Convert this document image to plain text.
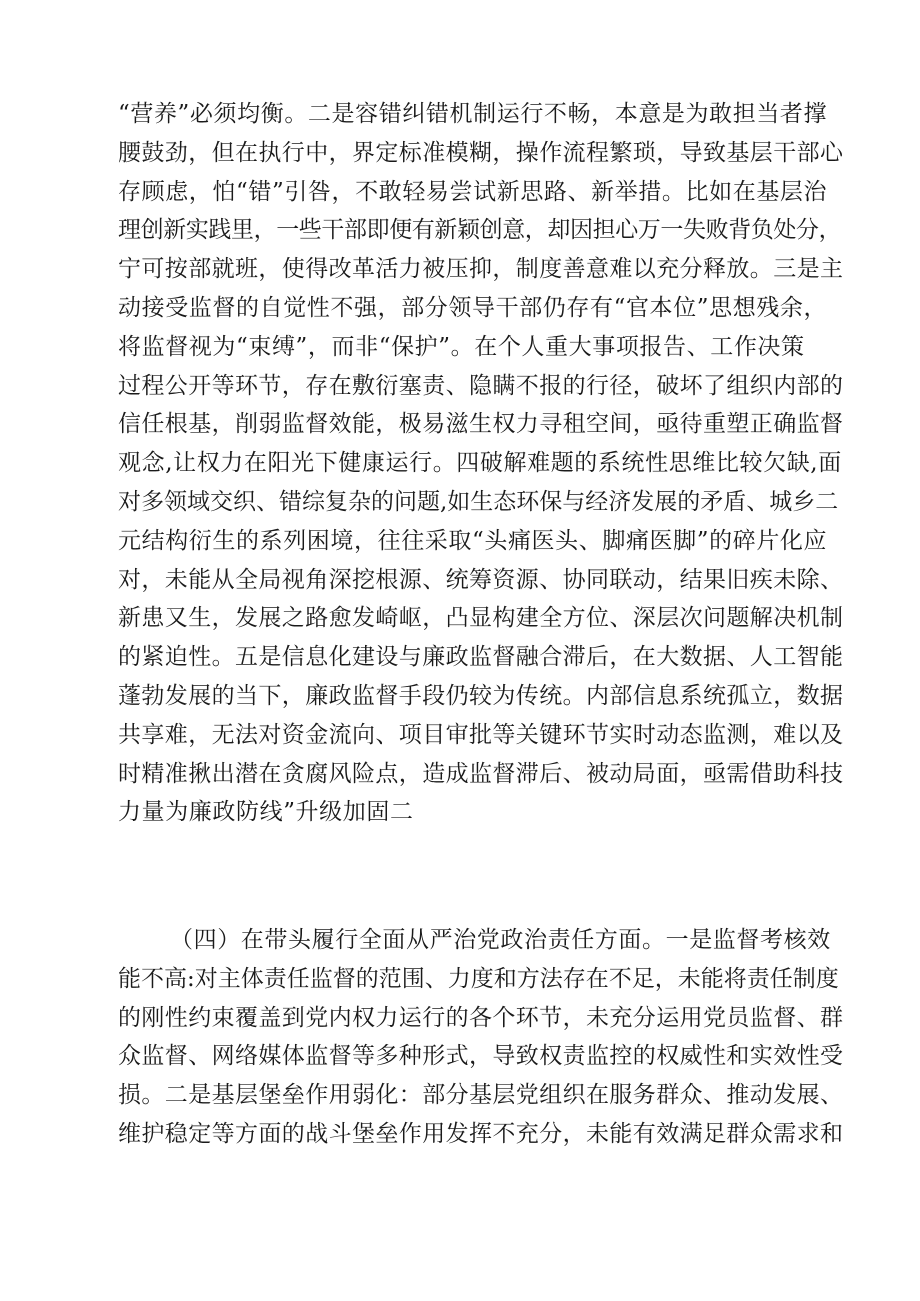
“营养”必须均衡。二是容错纠错机制运行不畅，本意是为敢担当者撑
腰鼓劲，但在执行中，界定标准模糊，操作流程繁琐，导致基层干部心
存顾虑，怕“错”引咎，不敢轻易尝试新思路、新举措。比如在基层治
理创新实践里，一些干部即便有新颖创意，却因担心万一失败背负处分，
宁可按部就班，使得改革活力被压抑，制度善意难以充分释放。三是主
动接受监督的自觉性不强，部分领导干部仍存有“官本位”思想残余，
将监督视为“束缚”，而非“保护”。在个人重大事项报告、工作决策
过程公开等环节，存在敷衍塞责、隐瞒不报的行径，破坏了组织内部的
信任根基，削弱监督效能，极易滋生权力寻租空间，亟待重塑正确监督
观念,让权力在阳光下健康运行。四破解难题的系统性思维比较欠缺,面
对多领域交织、错综复杂的问题,如生态环保与经济发展的矛盾、城乡二
元结构衍生的系列困境，往往采取“头痛医头、脚痛医脚”的碎片化应
对，未能从全局视角深挖根源、统筹资源、协同联动，结果旧疾未除、
新患又生，发展之路愈发崎岖，凸显构建全方位、深层次问题解决机制
的紧迫性。五是信息化建设与廉政监督融合滞后，在大数据、人工智能
蓬勃发展的当下，廉政监督手段仍较为传统。内部信息系统孤立，数据
共享难，无法对资金流向、项目审批等关键环节实时动态监测，难以及
时精准揪出潜在贪腐风险点，造成监督滞后、被动局面，亟需借助科技
力量为廉政防线”升级加固二
（四）在带头履行全面从严治党政治责任方面。一是监督考核效
能不高:对主体责任监督的范围、力度和方法存在不足，未能将责任制度
的刚性约束覆盖到党内权力运行的各个环节，未充分运用党员监督、群
众监督、网络媒体监督等多种形式，导致权责监控的权威性和实效性受
损。二是基层堡垒作用弱化：部分基层党组织在服务群众、推动发展、
维护稳定等方面的战斗堡垒作用发挥不充分，未能有效满足群众需求和
